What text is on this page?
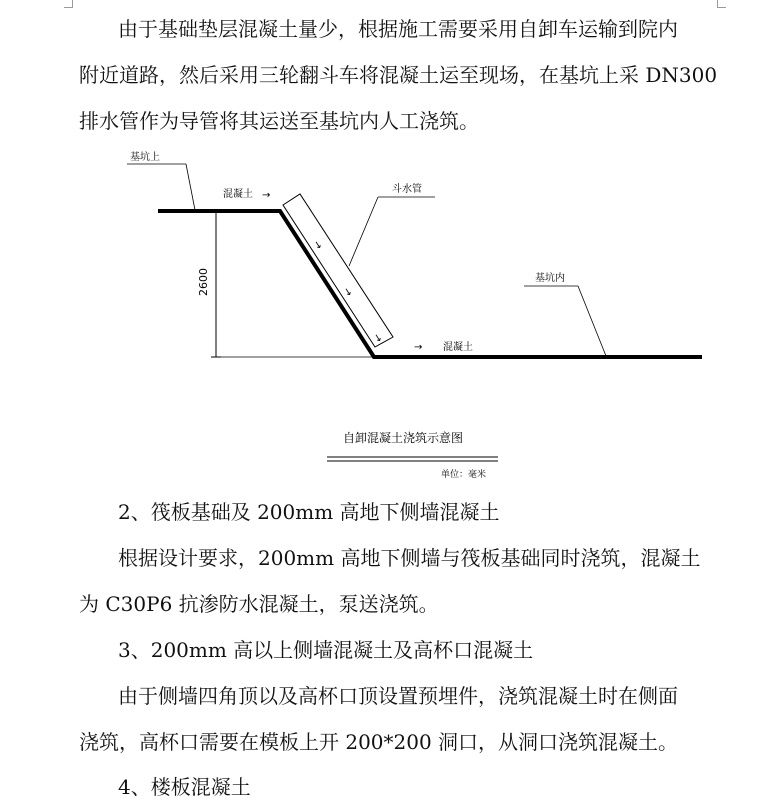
由于基础垫层混凝土量少，根据施工需要采用自卸车运输到院内

附近道路，然后采用三轮翻斗车将混凝土运至现场，在基坑上采 DN300

排水管作为导管将其运送至基坑内人工浇筑。

→
→
→
→
2600
基坑上
混凝土 →
斗水管
基坑内
混凝土
自卸混凝土浇筑示意图
单位：毫米

2、筏板基础及 200mm 高地下侧墙混凝土

根据设计要求，200mm 高地下侧墙与筏板基础同时浇筑，混凝土

为 C30P6 抗渗防水混凝土，泵送浇筑。

3、200mm 高以上侧墙混凝土及高杯口混凝土

由于侧墙四角顶以及高杯口顶设置预埋件，浇筑混凝土时在侧面

浇筑，高杯口需要在模板上开 200*200 洞口，从洞口浇筑混凝土。

4、楼板混凝土
